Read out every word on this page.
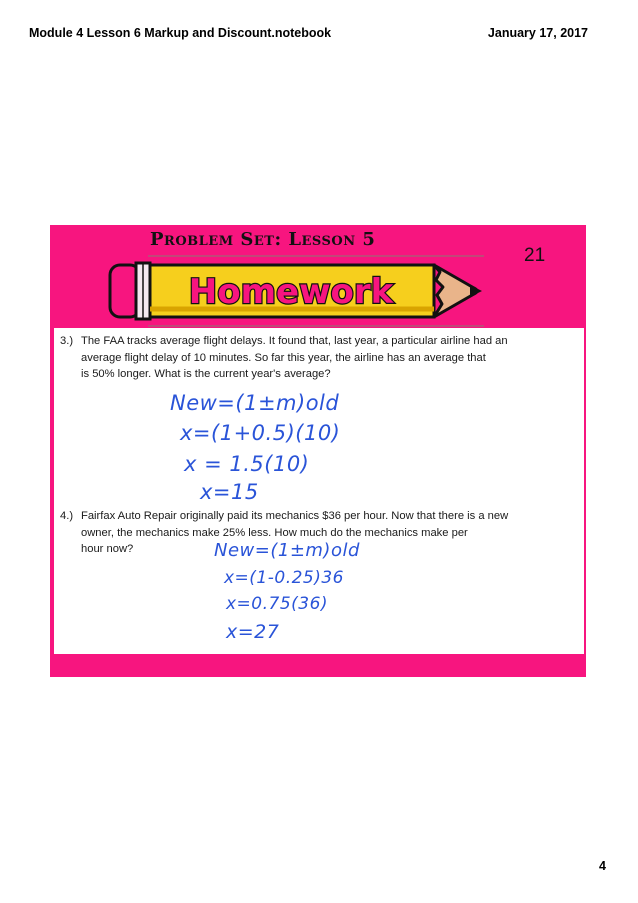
Module 4 Lesson 6 Markup and Discount.notebook	January 17, 2017
Problem Set: Lesson 5
21
Homework
3.) The FAA tracks average flight delays. It found that, last year, a particular airline had an
average flight delay of 10 minutes. So far this year, the airline has an average that
is 50% longer. What is the current year's average?
New=(1±m)old
x=(1+0.5)(10)
x = 1.5(10)
x=15
4.) Fairfax Auto Repair originally paid its mechanics $36 per hour. Now that there is a new
owner, the mechanics make 25% less. How much do the mechanics make per
hour now?	New=(1±m)old
x=(1-0.25)36
x=0.75(36)
x=27
4
